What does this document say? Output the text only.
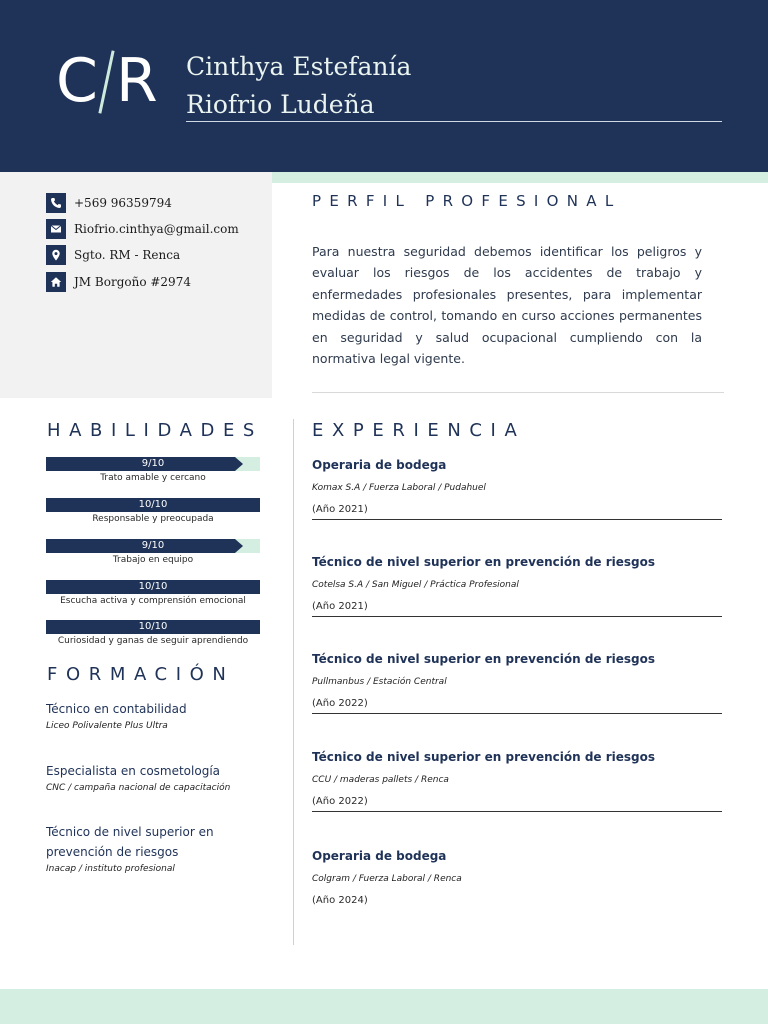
C R Cinthya Estefanía
Riofrio Ludeña
+569 96359794
Riofrio.cinthya@gmail.com
Sgto. RM - Renca
JM Borgoño #2974
PERFIL PROFESIONAL

Para nuestra seguridad debemos identificar los peligros y evaluar los riesgos de los accidentes de trabajo y enfermedades profesionales presentes, para implementar medidas de control, tomando en curso acciones permanentes en seguridad y salud ocupacional cumpliendo con la normativa legal vigente.

HABILIDADES
9/10
Trato amable y cercano
10/10
Responsable y preocupada
9/10
Trabajo en equipo
10/10
Escucha activa y comprensión emocional
10/10
Curiosidad y ganas de seguir aprendiendo
FORMACIÓN
Técnico en contabilidad
Liceo Polivalente Plus Ultra
Especialista en cosmetología
CNC / campaña nacional de capacitación
Técnico de nivel superior en prevención de riesgos
Inacap / instituto profesional
EXPERIENCIA
Operaria de bodega
Komax S.A / Fuerza Laboral / Pudahuel
(Año 2021)
Técnico de nivel superior en prevención de riesgos
Cotelsa S.A / San Miguel / Práctica Profesional
(Año 2021)
Técnico de nivel superior en prevención de riesgos
Pullmanbus / Estación Central
(Año 2022)
Técnico de nivel superior en prevención de riesgos
CCU / maderas pallets / Renca
(Año 2022)
Operaria de bodega
Colgram / Fuerza Laboral / Renca
(Año 2024)
